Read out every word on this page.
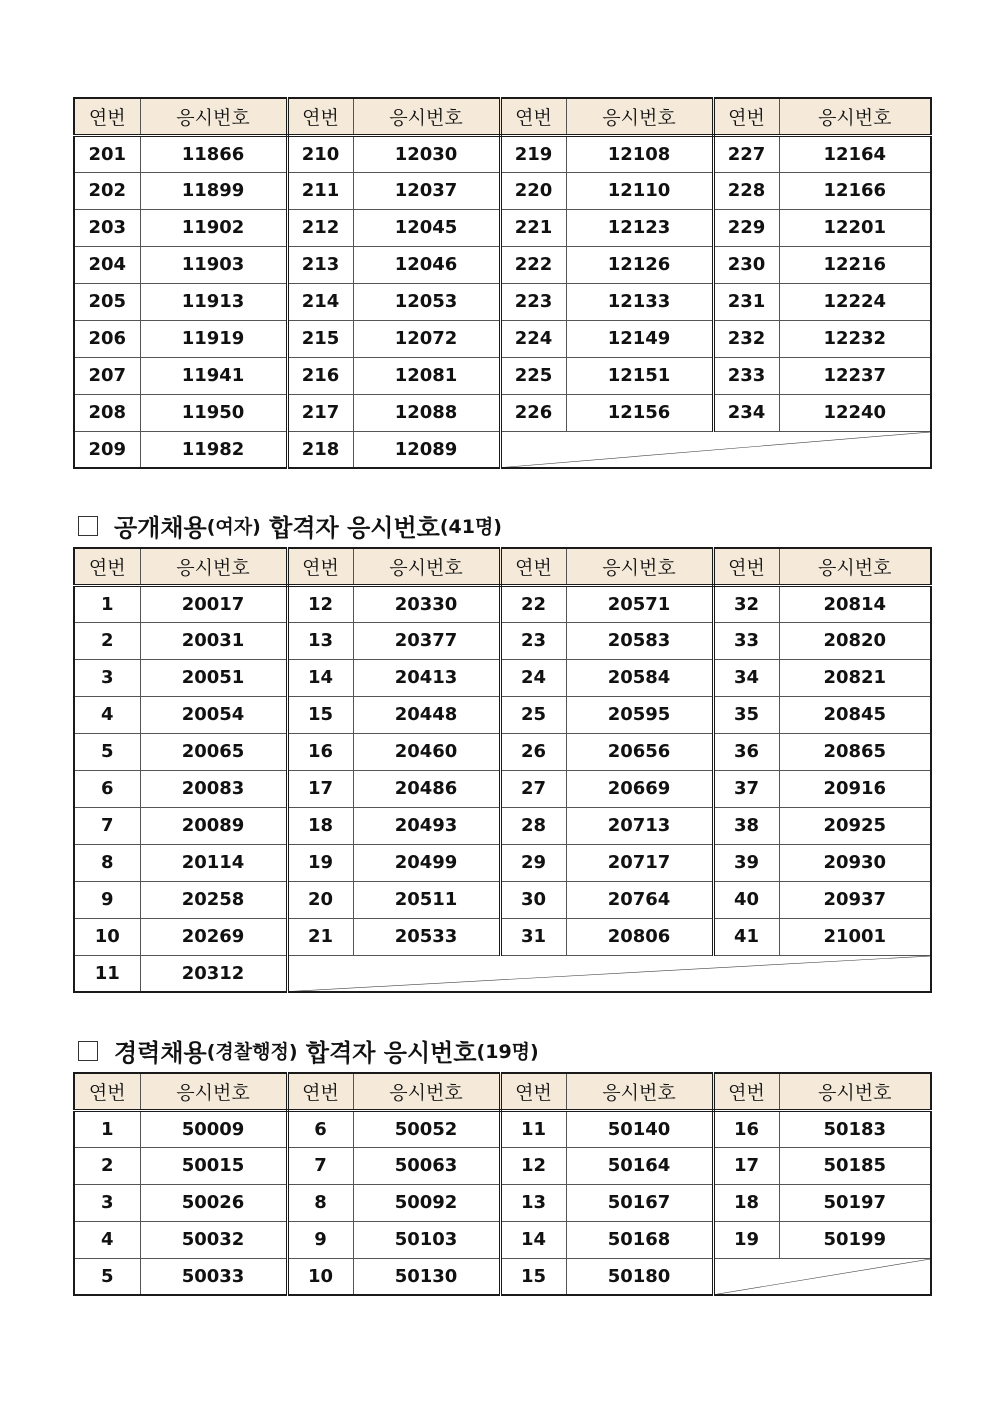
연번	응시번호	연번	응시번호	연번	응시번호	연번	응시번호
201	11866	210	12030	219	12108	227	12164
202	11899	211	12037	220	12110	228	12166
203	11902	212	12045	221	12123	229	12201
204	11903	213	12046	222	12126	230	12216
205	11913	214	12053	223	12133	231	12224
206	11919	215	12072	224	12149	232	12232
207	11941	216	12081	225	12151	233	12237
208	11950	217	12088	226	12156	234	12240
209	11982	218	12089	
공개채용 (여자) 합격자 응시번호 (41명)
연번	응시번호	연번	응시번호	연번	응시번호	연번	응시번호
1	20017	12	20330	22	20571	32	20814
2	20031	13	20377	23	20583	33	20820
3	20051	14	20413	24	20584	34	20821
4	20054	15	20448	25	20595	35	20845
5	20065	16	20460	26	20656	36	20865
6	20083	17	20486	27	20669	37	20916
7	20089	18	20493	28	20713	38	20925
8	20114	19	20499	29	20717	39	20930
9	20258	20	20511	30	20764	40	20937
10	20269	21	20533	31	20806	41	21001
11	20312	
경력채용 (경찰행정) 합격자 응시번호 (19명)
연번	응시번호	연번	응시번호	연번	응시번호	연번	응시번호
1	50009	6	50052	11	50140	16	50183
2	50015	7	50063	12	50164	17	50185
3	50026	8	50092	13	50167	18	50197
4	50032	9	50103	14	50168	19	50199
5	50033	10	50130	15	50180	
